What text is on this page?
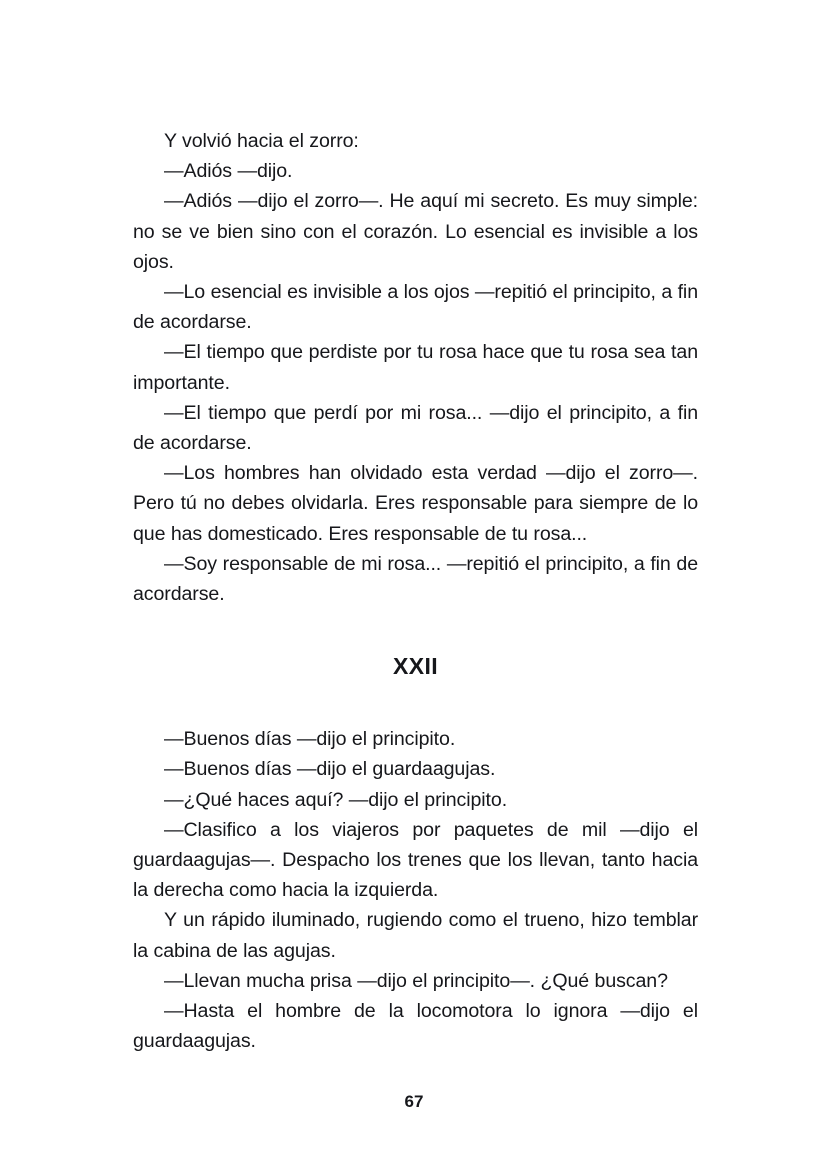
Y volvió hacia el zorro:

—Adiós —dijo.

—Adiós —dijo el zorro—. He aquí mi secreto. Es muy simple: no se ve bien sino con el corazón. Lo esencial es invisible a los ojos.

—Lo esencial es invisible a los ojos —repitió el principito, a fin de acordarse.

—El tiempo que perdiste por tu rosa hace que tu rosa sea tan importante.

—El tiempo que perdí por mi rosa... —dijo el principito, a fin de acordarse.

—Los hombres han olvidado esta verdad —dijo el zorro—. Pero tú no debes olvidarla. Eres responsable para siempre de lo que has domesticado. Eres responsable de tu rosa...

—Soy responsable de mi rosa... —repitió el principito, a fin de acordarse.

XXII

—Buenos días —dijo el principito.

—Buenos días —dijo el guardaagujas.

—¿Qué haces aquí? —dijo el principito.

—Clasifico a los viajeros por paquetes de mil —dijo el guardaagujas—. Despacho los trenes que los llevan, tanto hacia la derecha como hacia la izquierda.

Y un rápido iluminado, rugiendo como el trueno, hizo temblar la cabina de las agujas.

—Llevan mucha prisa —dijo el principito—. ¿Qué buscan?

—Hasta el hombre de la locomotora lo ignora —dijo el guardaagujas.

67
